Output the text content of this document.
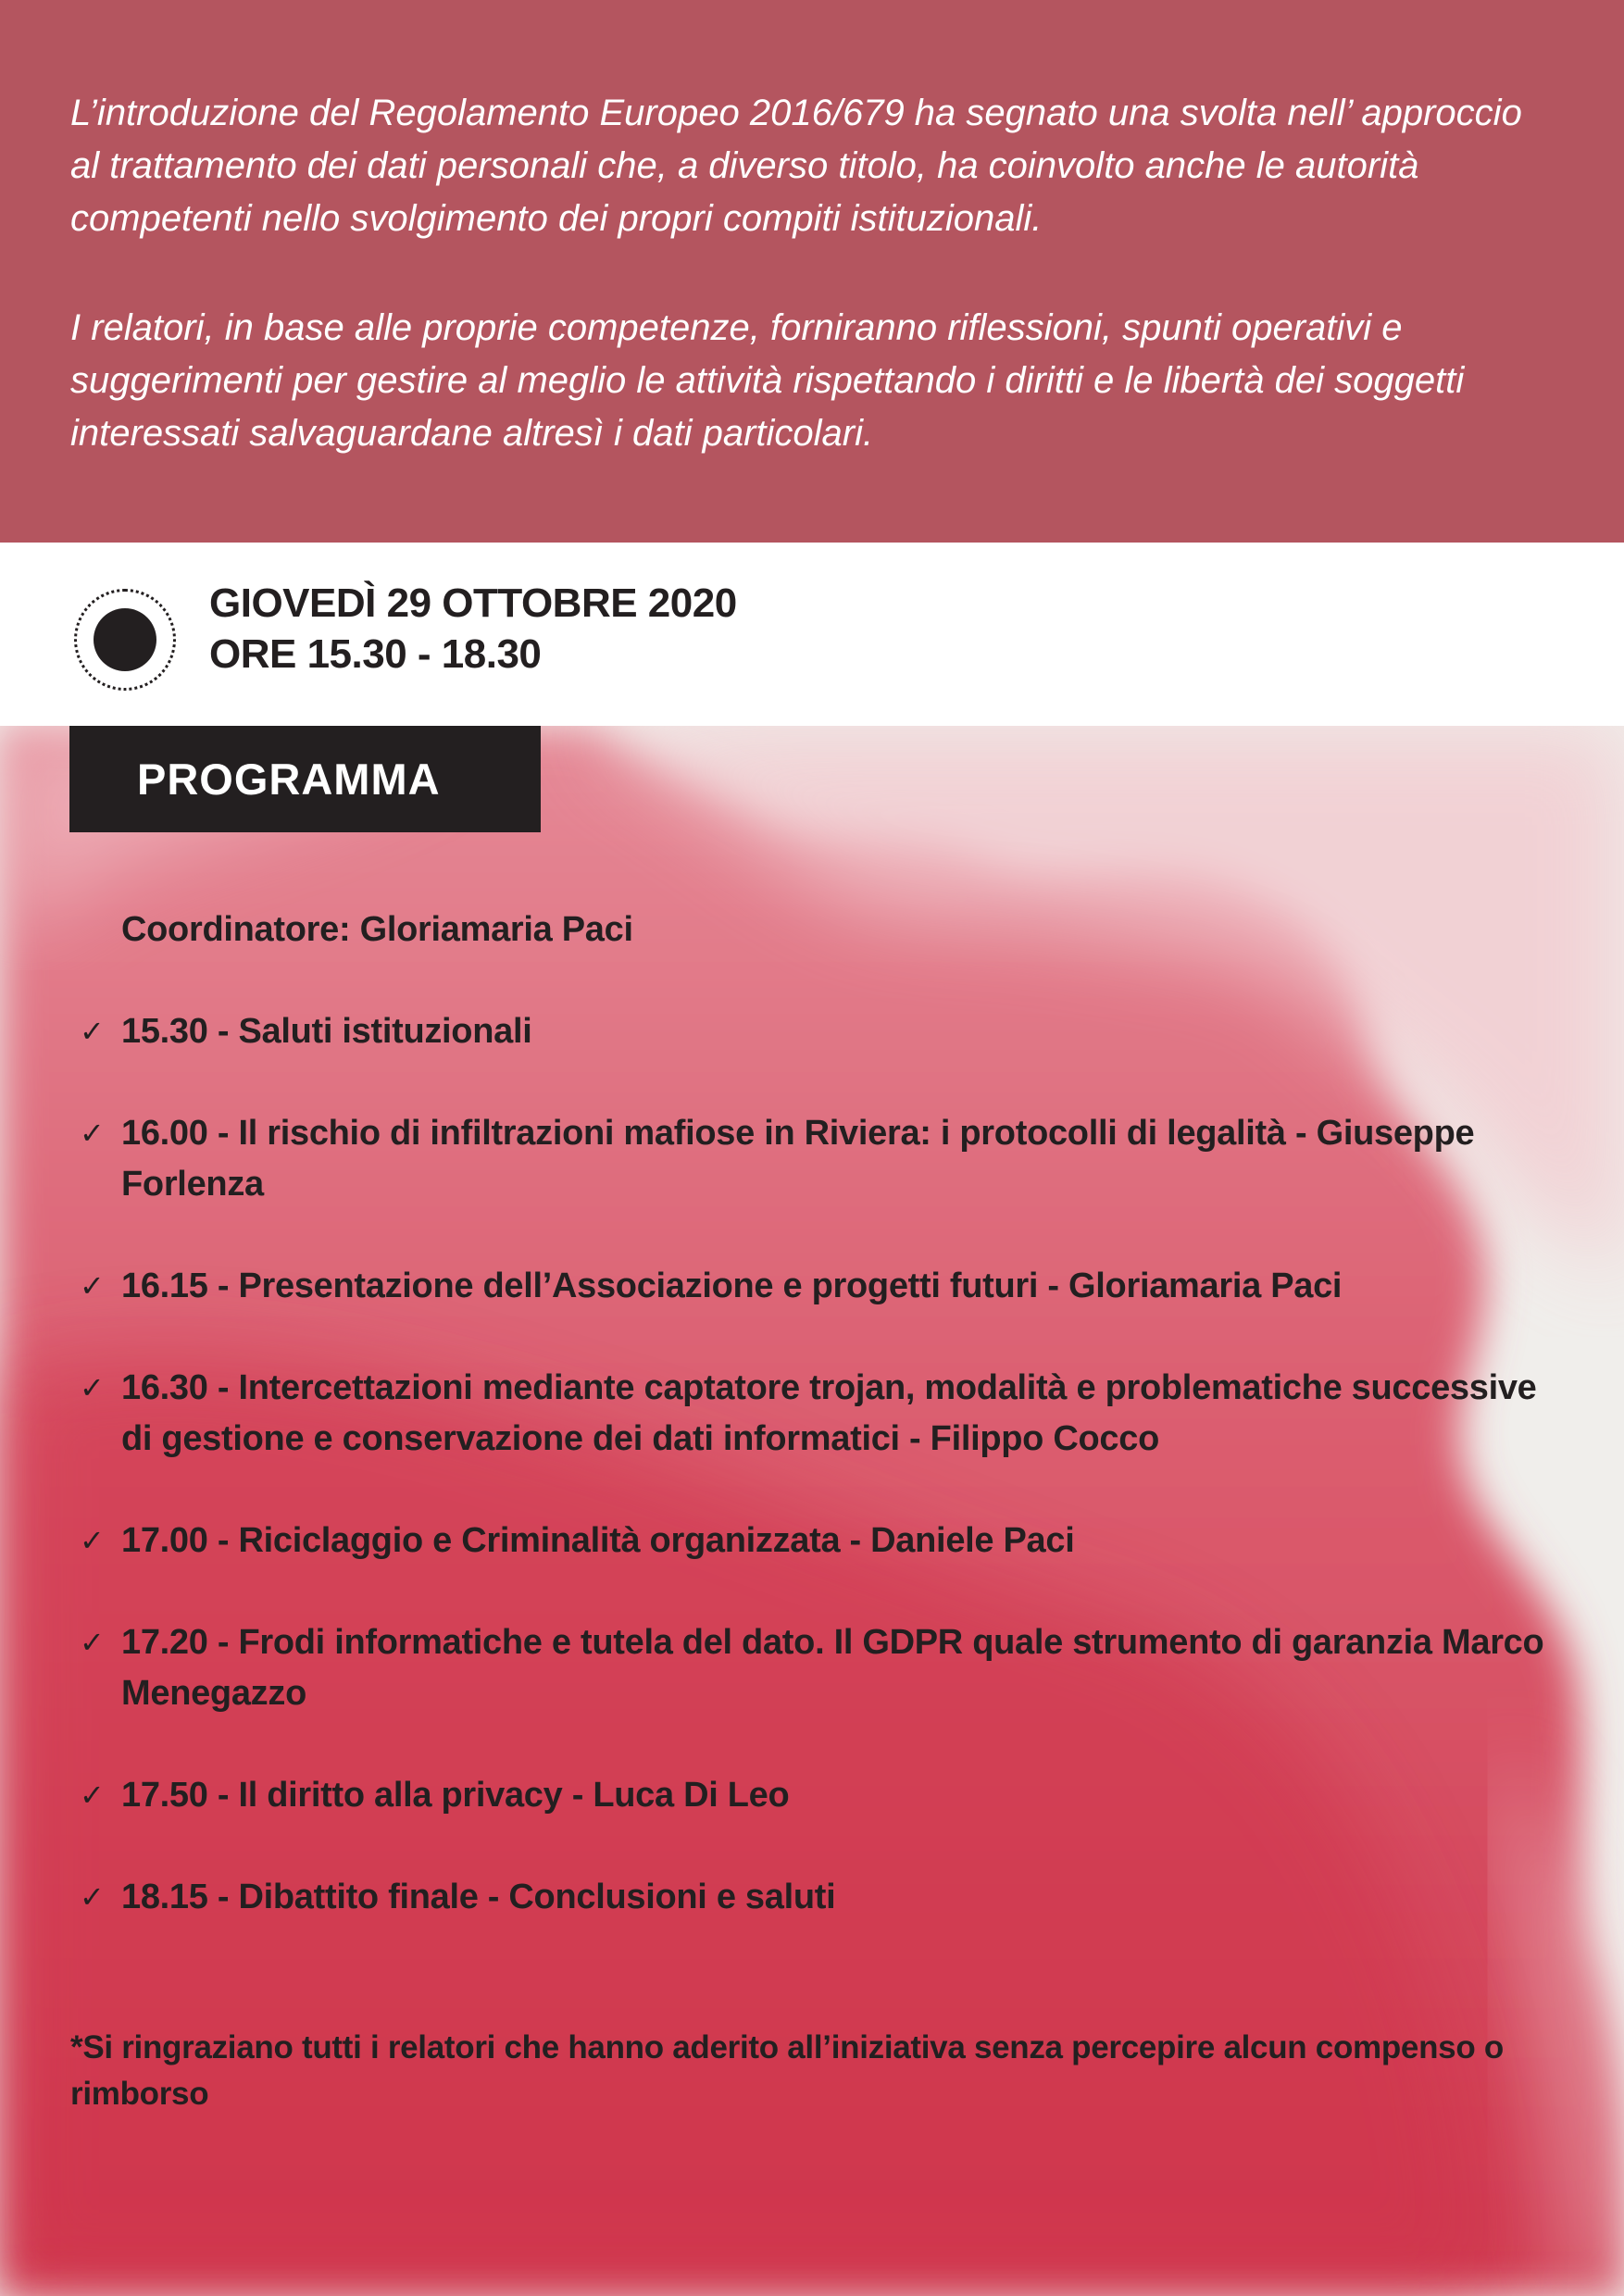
L’introduzione del Regolamento Europeo 2016/679 ha segnato una svolta nell’ approccio al trattamento dei dati personali che, a diverso titolo, ha coinvolto anche le autorità competenti nello svolgimento dei propri compiti istituzionali.

I relatori, in base alle proprie competenze, forniranno riflessioni, spunti operativi e suggerimenti per gestire al meglio le attività rispettando i diritti e le libertà dei soggetti interessati salvaguardane altresì i dati particolari.

GIOVEDÌ 29 OTTOBRE 2020

ORE 15.30 - 18.30

PROGRAMMA

Coordinatore: Gloriamaria Paci

✓ 15.30 - Saluti istituzionali

✓ 16.00 - Il rischio di infiltrazioni mafiose in Riviera: i protocolli di legalità - Giuseppe Forlenza

✓ 16.15 - Presentazione dell’Associazione e progetti futuri - Gloriamaria Paci

✓ 16.30 - Intercettazioni mediante captatore trojan, modalità e problematiche successive di gestione e conservazione dei dati informatici - Filippo Cocco

✓ 17.00 - Riciclaggio e Criminalità organizzata - Daniele Paci

✓ 17.20 - Frodi informatiche e tutela del dato. Il GDPR quale strumento di garanzia Marco Menegazzo

✓ 17.50 - Il diritto alla privacy - Luca Di Leo

✓ 18.15 - Dibattito finale - Conclusioni e saluti

*Si ringraziano tutti i relatori che hanno aderito all’iniziativa senza percepire alcun compenso o rimborso
